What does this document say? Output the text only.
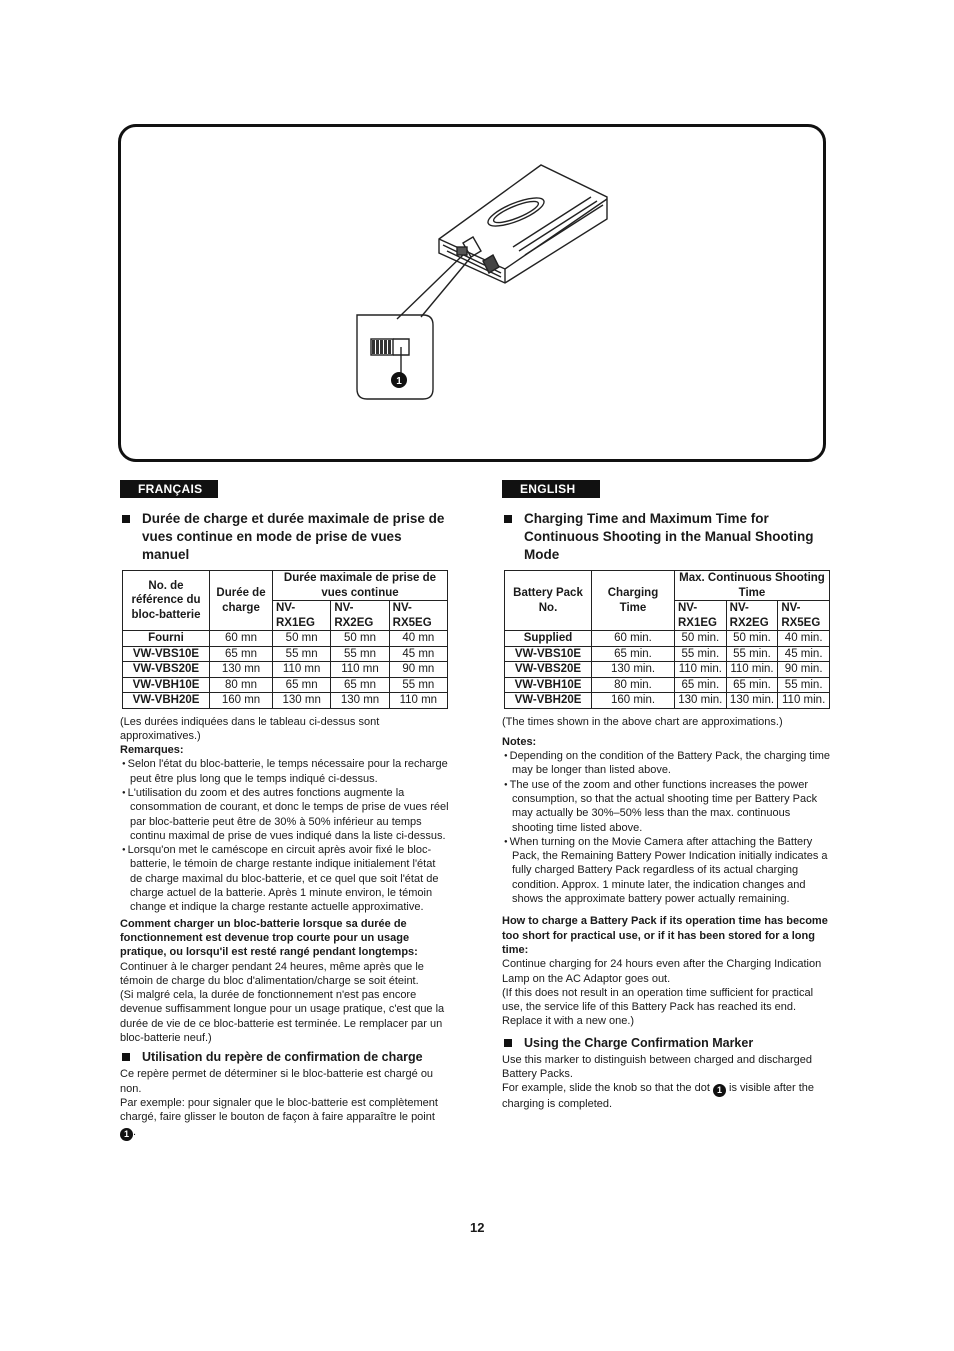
1
FRANÇAIS
Durée de charge et durée maximale de prise de vues continue en mode de prise de vues manuel
No. de référence du bloc-batterie	Durée de charge	Durée maximale de prise de vues continue		
		NV-RX1EG	NV-RX2EG	NV-RX5EG
Fourni	60 mn	50 mn	50 mn	40 mn
VW-VBS10E	65 mn	55 mn	55 mn	45 mn
VW-VBS20E	130 mn	110 mn	110 mn	90 mn
VW-VBH10E	80 mn	65 mn	65 mn	55 mn
VW-VBH20E	160 mn	130 mn	130 mn	110 mn

(Les durées indiquées dans le tableau ci-dessus sont approximatives.)

Remarques:

● Selon l'état du bloc-batterie, le temps nécessaire pour la recharge peut être plus long que le temps indiqué ci-dessus.
● L'utilisation du zoom et des autres fonctions augmente la consommation de courant, et donc le temps de prise de vues réel par bloc-batterie peut être de 30% à 50% inférieur au temps continu maximal de prise de vues indiqué dans la liste ci-dessus.
● Lorsqu'on met le caméscope en circuit après avoir fixé le bloc-batterie, le témoin de charge restante indique initialement l'état de charge maximal du bloc-batterie, et ce quel que soit l'état de charge actuel de la batterie. Après 1 minute environ, le témoin change et indique la charge restante actuelle approximative.

Comment charger un bloc-batterie lorsque sa durée de fonctionnement est devenue trop courte pour un usage pratique, ou lorsqu'il est resté rangé pendant longtemps:

Continuer à le charger pendant 24 heures, même après que le témoin de charge du bloc d'alimentation/charge se soit éteint.

(Si malgré cela, la durée de fonctionnement n'est pas encore devenue suffisamment longue pour un usage pratique, c'est que la durée de vie de ce bloc-batterie est terminée. Le remplacer par un bloc-batterie neuf.)

Utilisation du repère de confirmation de charge

Ce repère permet de déterminer si le bloc-batterie est chargé ou non.

Par exemple: pour signaler que le bloc-batterie est complètement chargé, faire glisser le bouton de façon à faire apparaître le point 1 .

ENGLISH
Charging Time and Maximum Time for Continuous Shooting in the Manual Shooting Mode
Battery Pack No.	Charging Time	Max. Continuous Shooting Time		
		NV-RX1EG	NV-RX2EG	NV-RX5EG
Supplied	60 min.	50 min.	50 min.	40 min.
VW-VBS10E	65 min.	55 min.	55 min.	45 min.
VW-VBS20E	130 min.	110 min.	110 min.	90 min.
VW-VBH10E	80 min.	65 min.	65 min.	55 min.
VW-VBH20E	160 min.	130 min.	130 min.	110 min.

(The times shown in the above chart are approximations.)

Notes:

● Depending on the condition of the Battery Pack, the charging time may be longer than listed above.
● The use of the zoom and other functions increases the power consumption, so that the actual shooting time per Battery Pack may actually be 30%–50% less than the max. continuous shooting time listed above.
● When turning on the Movie Camera after attaching the Battery Pack, the Remaining Battery Power Indication initially indicates a fully charged Battery Pack regardless of its actual charging condition. Approx. 1 minute later, the indication changes and shows the approximate battery power actually remaining.

How to charge a Battery Pack if its operation time has become too short for practical use, or if it has been stored for a long time:

Continue charging for 24 hours even after the Charging Indication Lamp on the AC Adaptor goes out.

(If this does not result in an operation time sufficient for practical use, the service life of this Battery Pack has reached its end. Replace it with a new one.)

Using the Charge Confirmation Marker

Use this marker to distinguish between charged and discharged Battery Packs.

For example, slide the knob so that the dot 1 is visible after the charging is completed.

12
